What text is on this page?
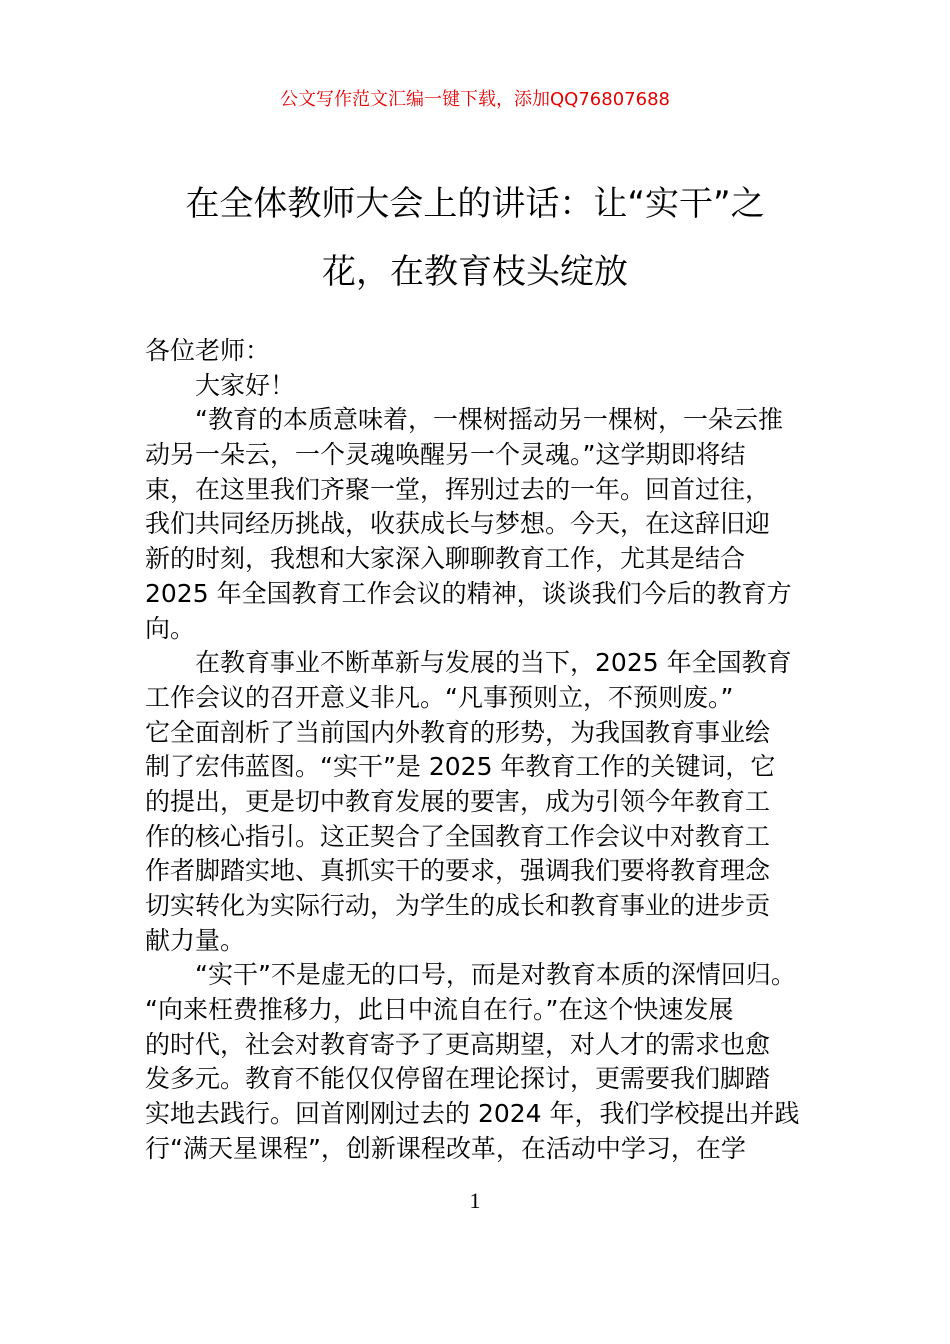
公文写作范文汇编一键下载，添加QQ76807688
在全体教师大会上的讲话：让“实干”之
花，在教育枝头绽放
各位老师：
大家好！
“教育的本质意味着，一棵树摇动另一棵树，一朵云推
动另一朵云，一个灵魂唤醒另一个灵魂。”这学期即将结
束，在这里我们齐聚一堂，挥别过去的一年。回首过往，
我们共同经历挑战，收获成长与梦想。今天，在这辞旧迎
新的时刻，我想和大家深入聊聊教育工作，尤其是结合
2025 年全国教育工作会议的精神，谈谈我们今后的教育方
向。
在教育事业不断革新与发展的当下，2025 年全国教育
工作会议的召开意义非凡。“凡事预则立，不预则废。”
它全面剖析了当前国内外教育的形势，为我国教育事业绘
制了宏伟蓝图。“实干”是 2025 年教育工作的关键词，它
的提出，更是切中教育发展的要害，成为引领今年教育工
作的核心指引。这正契合了全国教育工作会议中对教育工
作者脚踏实地、真抓实干的要求，强调我们要将教育理念
切实转化为实际行动，为学生的成长和教育事业的进步贡
献力量。
“实干”不是虚无的口号，而是对教育本质的深情回归。
“向来枉费推移力，此日中流自在行。”在这个快速发展
的时代，社会对教育寄予了更高期望，对人才的需求也愈
发多元。教育不能仅仅停留在理论探讨，更需要我们脚踏
实地去践行。回首刚刚过去的 2024 年，我们学校提出并践
行“满天星课程”，创新课程改革，在活动中学习，在学
1
